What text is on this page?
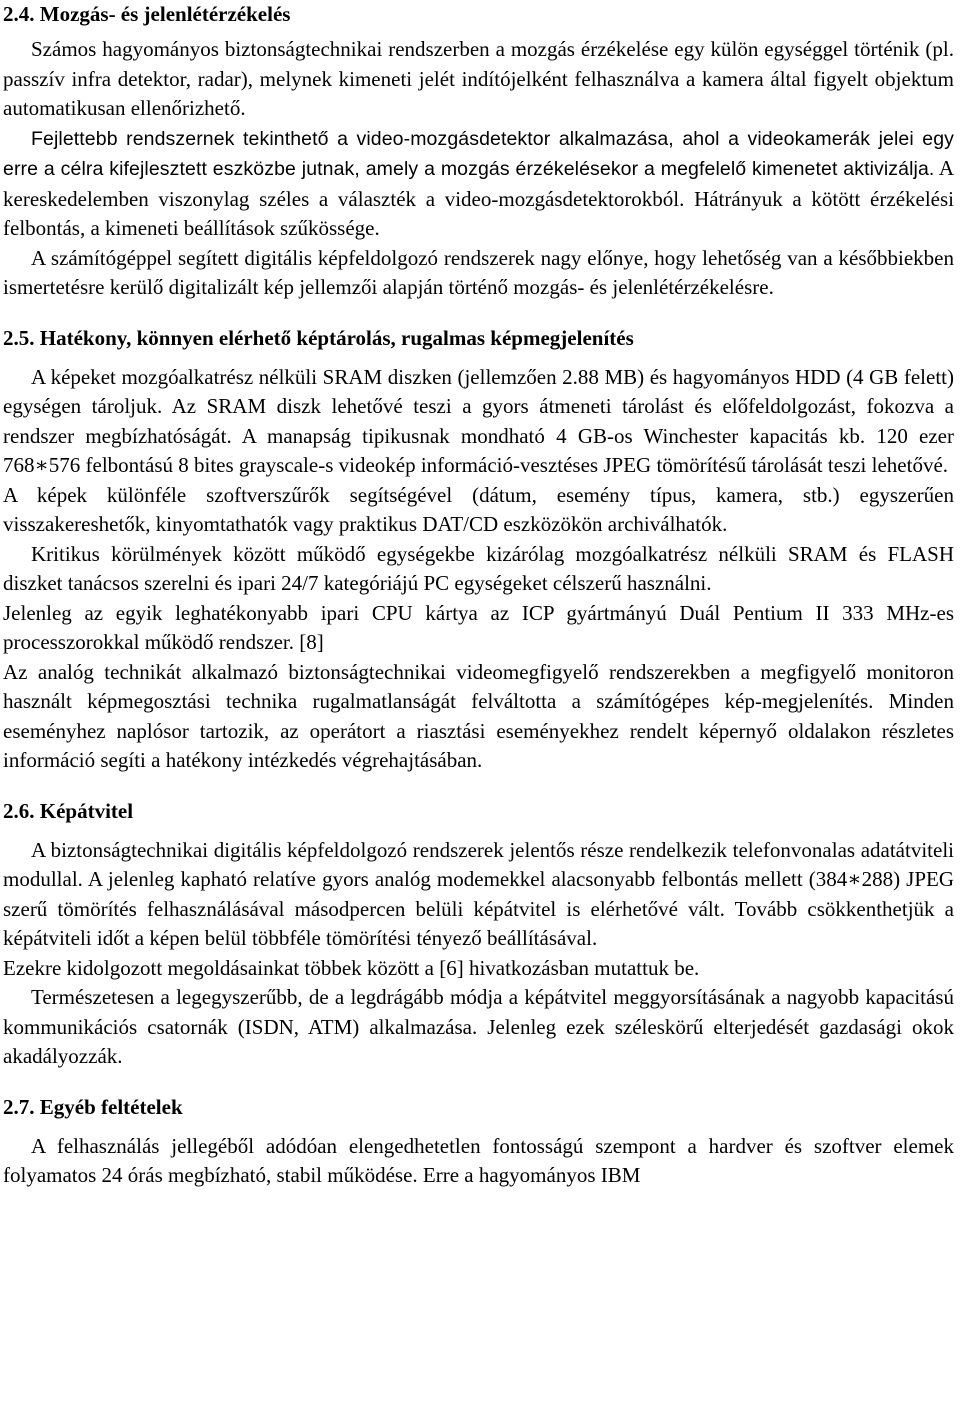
2.4. Mozgás- és jelenlétérzékelés

Számos hagyományos biztonságtechnikai rendszerben a mozgás érzékelése egy külön egységgel történik (pl. passzív infra detektor, radar), melynek kimeneti jelét indítójelként felhasználva a kamera által figyelt objektum automatikusan ellenőrizhető.

Fejlettebb rendszernek tekinthető a video-mozgásdetektor alkalmazása, ahol a videokamerák jelei egy erre a célra kifejlesztett eszközbe jutnak, amely a mozgás érzékelésekor a megfelelő kimenetet aktivizálja. A kereskedelemben viszonylag széles a választék a video-mozgásdetektorokból. Hátrányuk a kötött érzékelési felbontás, a kimeneti beállítások szűkössége.

A számítógéppel segített digitális képfeldolgozó rendszerek nagy előnye, hogy lehetőség van a későbbiekben ismertetésre kerülő digitalizált kép jellemzői alapján történő mozgás- és jelenlétérzékelésre.

2.5. Hatékony, könnyen elérhető képtárolás, rugalmas képmegjelenítés

A képeket mozgóalkatrész nélküli SRAM diszken (jellemzően 2.88 MB) és hagyományos HDD (4 GB felett) egységen tároljuk. Az SRAM diszk lehetővé teszi a gyors átmeneti tárolást és előfeldolgozást, fokozva a rendszer megbízhatóságát. A manapság tipikusnak mondható 4 GB-os Winchester kapacitás kb. 120 ezer 768∗576 felbontású 8 bites grayscale-s videokép információ-vesztéses JPEG tömörítésű tárolását teszi lehetővé.

A képek különféle szoftverszűrők segítségével (dátum, esemény típus, kamera, stb.) egyszerűen visszakereshetők, kinyomtathatók vagy praktikus DAT/CD eszközökön archiválhatók.

Kritikus körülmények között működő egységekbe kizárólag mozgóalkatrész nélküli SRAM és FLASH diszket tanácsos szerelni és ipari 24/7 kategóriájú PC egységeket célszerű használni.

Jelenleg az egyik leghatékonyabb ipari CPU kártya az ICP gyártmányú Duál Pentium II 333 MHz-es processzorokkal működő rendszer. [8]

Az analóg technikát alkalmazó biztonságtechnikai videomegfigyelő rendszerekben a megfigyelő monitoron használt képmegosztási technika rugalmatlanságát felváltotta a számítógépes kép-megjelenítés. Minden eseményhez naplósor tartozik, az operátort a riasztási eseményekhez rendelt képernyő oldalakon részletes információ segíti a hatékony intézkedés végrehajtásában.

2.6. Képátvitel

A biztonságtechnikai digitális képfeldolgozó rendszerek jelentős része rendelkezik telefonvonalas adatátviteli modullal. A jelenleg kapható relatíve gyors analóg modemekkel alacsonyabb felbontás mellett (384∗288) JPEG szerű tömörítés felhasználásával másodpercen belüli képátvitel is elérhetővé vált. Tovább csökkenthetjük a képátviteli időt a képen belül többféle tömörítési tényező beállításával.

Ezekre kidolgozott megoldásainkat többek között a [6] hivatkozásban mutattuk be.

Természetesen a legegyszerűbb, de a legdrágább módja a képátvitel meggyorsításának a nagyobb kapacitású kommunikációs csatornák (ISDN, ATM) alkalmazása. Jelenleg ezek széleskörű elterjedését gazdasági okok akadályozzák.

2.7. Egyéb feltételek

A felhasználás jellegéből adódóan elengedhetetlen fontosságú szempont a hardver és szoftver elemek folyamatos 24 órás megbízható, stabil működése. Erre a hagyományos IBM
